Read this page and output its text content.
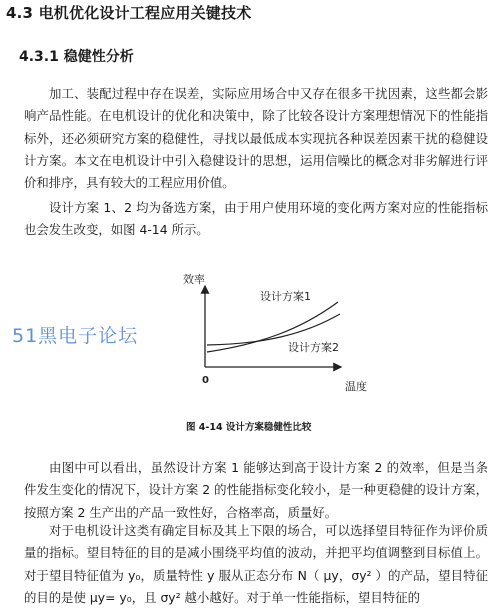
4.3 电机优化设计工程应用关键技术
4.3.1 稳健性分析

加工、装配过程中存在误差，实际应用场合中又存在很多干扰因素，这些都会影响产品性能。在电机设计的优化和决策中，除了比较各设计方案理想情况下的性能指标外，还必须研究方案的稳健性，寻找以最低成本实现抗各种误差因素干扰的稳健设计方案。本文在电机设计中引入稳健设计的思想，运用信噪比的概念对非劣解进行评价和排序，具有较大的工程应用价值。

设计方案 1、2 均为备选方案，由于用户使用环境的变化两方案对应的性能指标也会发生改变，如图 4-14 所示。

51黑电子论坛
效率
温度
0
设计方案1
设计方案2
图 4-14 设计方案稳健性比较

由图中可以看出，虽然设计方案 1 能够达到高于设计方案 2 的效率，但是当条件发生变化的情况下，设计方案 2 的性能指标变化较小，是一种更稳健的设计方案，按照方案 2 生产出的产品一致性好，合格率高，质量好。

对于电机设计这类有确定目标及其上下限的场合，可以选择望目特征作为评价质量的指标。望目特征的目的是减小围绕平均值的波动，并把平均值调整到目标值上。对于望目特征值为 y₀，质量特性 y 服从正态分布 N（ μy，σy² ）的产品，望目特征的目的是使 μy= y₀，且 σy² 越小越好。对于单一性能指标，望目特征的
